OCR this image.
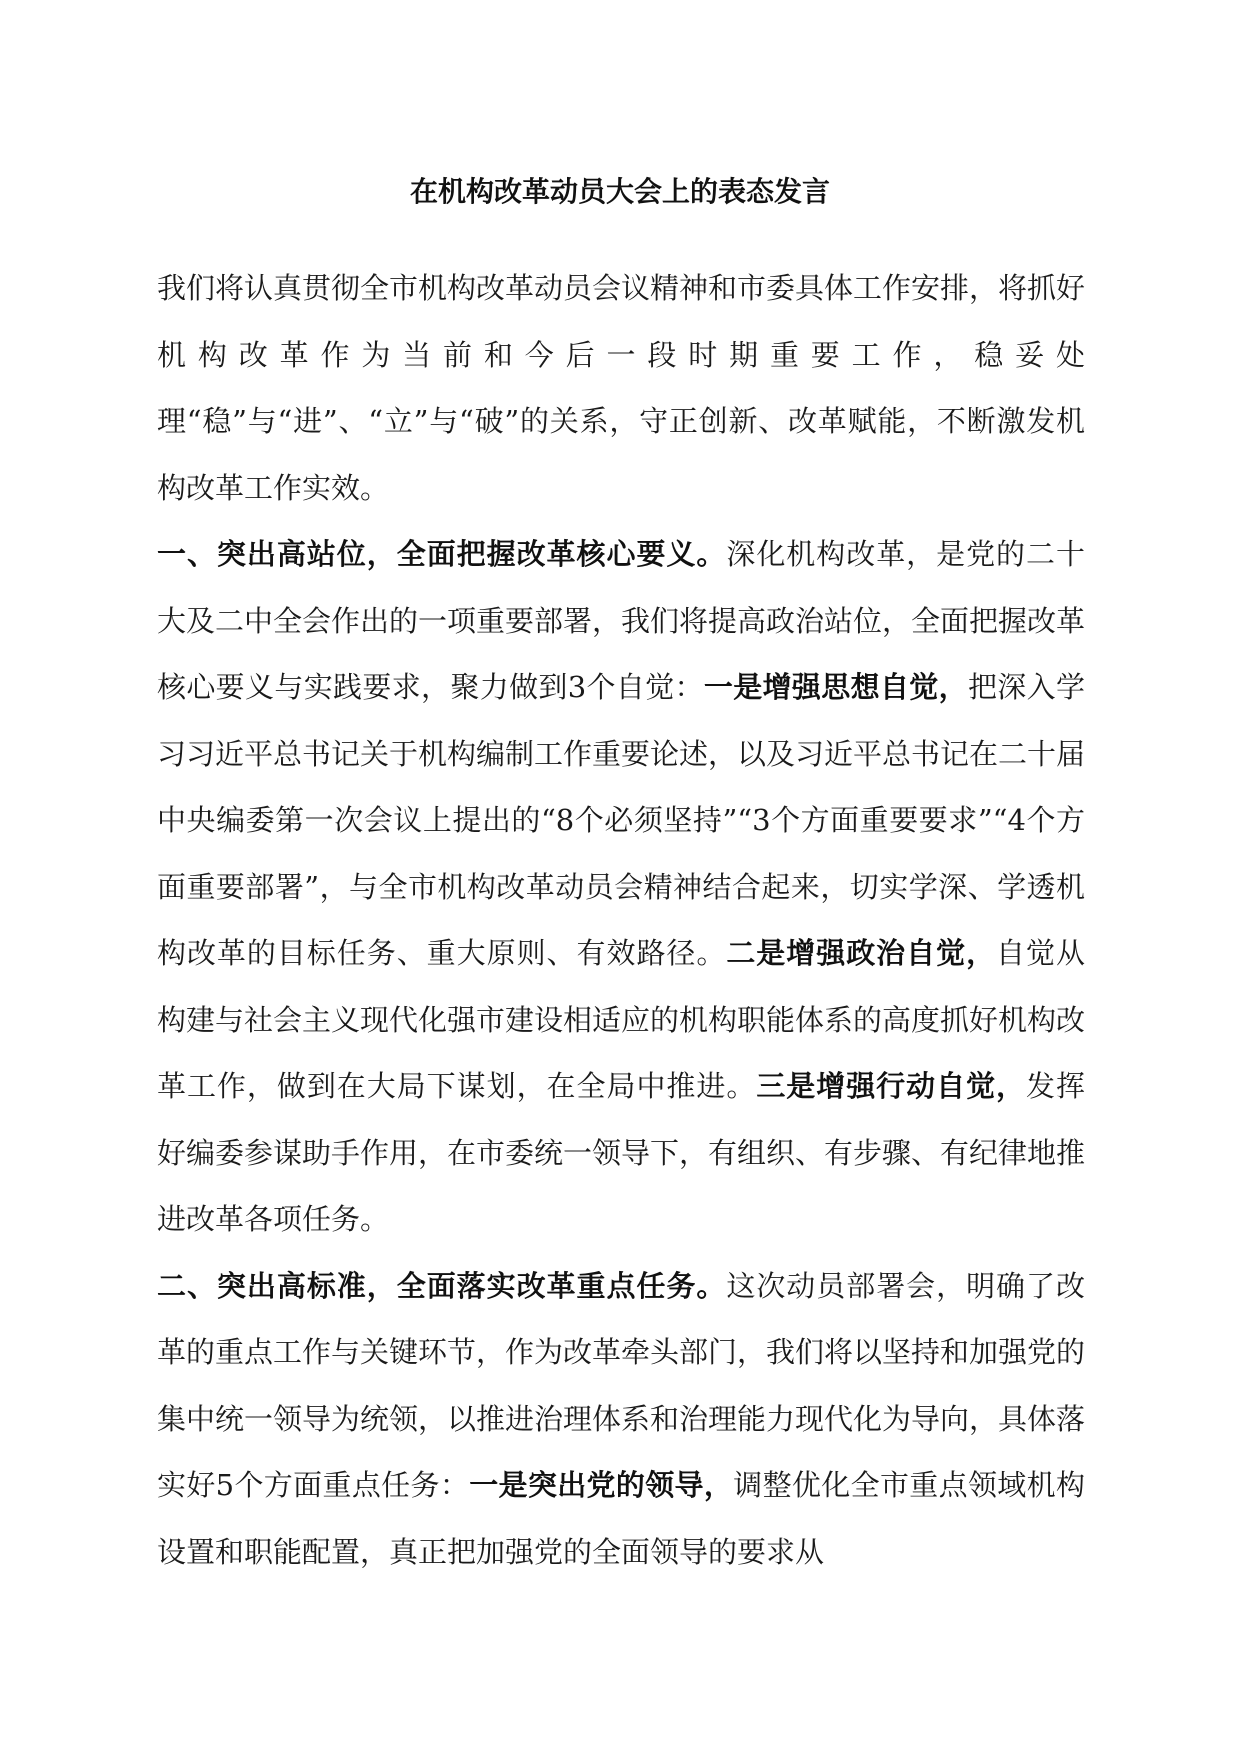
在机构改革动员大会上的表态发言

我们将认真贯彻全市机构改革动员会议精神和市委具体工作安排，将抓好机构改革作为当前和今后一段时期重要工作，稳妥处理“稳”与“进”、“立”与“破”的关系，守正创新、改革赋能，不断激发机构改革工作实效。

一、突出高站位，全面把握改革核心要义。深化机构改革，是党的二十大及二中全会作出的一项重要部署，我们将提高政治站位，全面把握改革核心要义与实践要求，聚力做到3个自觉：一是增强思想自觉，把深入学习习近平总书记关于机构编制工作重要论述，以及习近平总书记在二十届中央编委第一次会议上提出的“8个必须坚持”“3个方面重要要求”“4个方面重要部署”，与全市机构改革动员会精神结合起来，切实学深、学透机构改革的目标任务、重大原则、有效路径。二是增强政治自觉，自觉从构建与社会主义现代化强市建设相适应的机构职能体系的高度抓好机构改革工作，做到在大局下谋划，在全局中推进。三是增强行动自觉，发挥好编委参谋助手作用，在市委统一领导下，有组织、有步骤、有纪律地推进改革各项任务。

二、突出高标准，全面落实改革重点任务。这次动员部署会，明确了改革的重点工作与关键环节，作为改革牵头部门，我们将以坚持和加强党的集中统一领导为统领，以推进治理体系和治理能力现代化为导向，具体落实好5个方面重点任务：一是突出党的领导，调整优化全市重点领域机构设置和职能配置，真正把加强党的全面领导的要求从
